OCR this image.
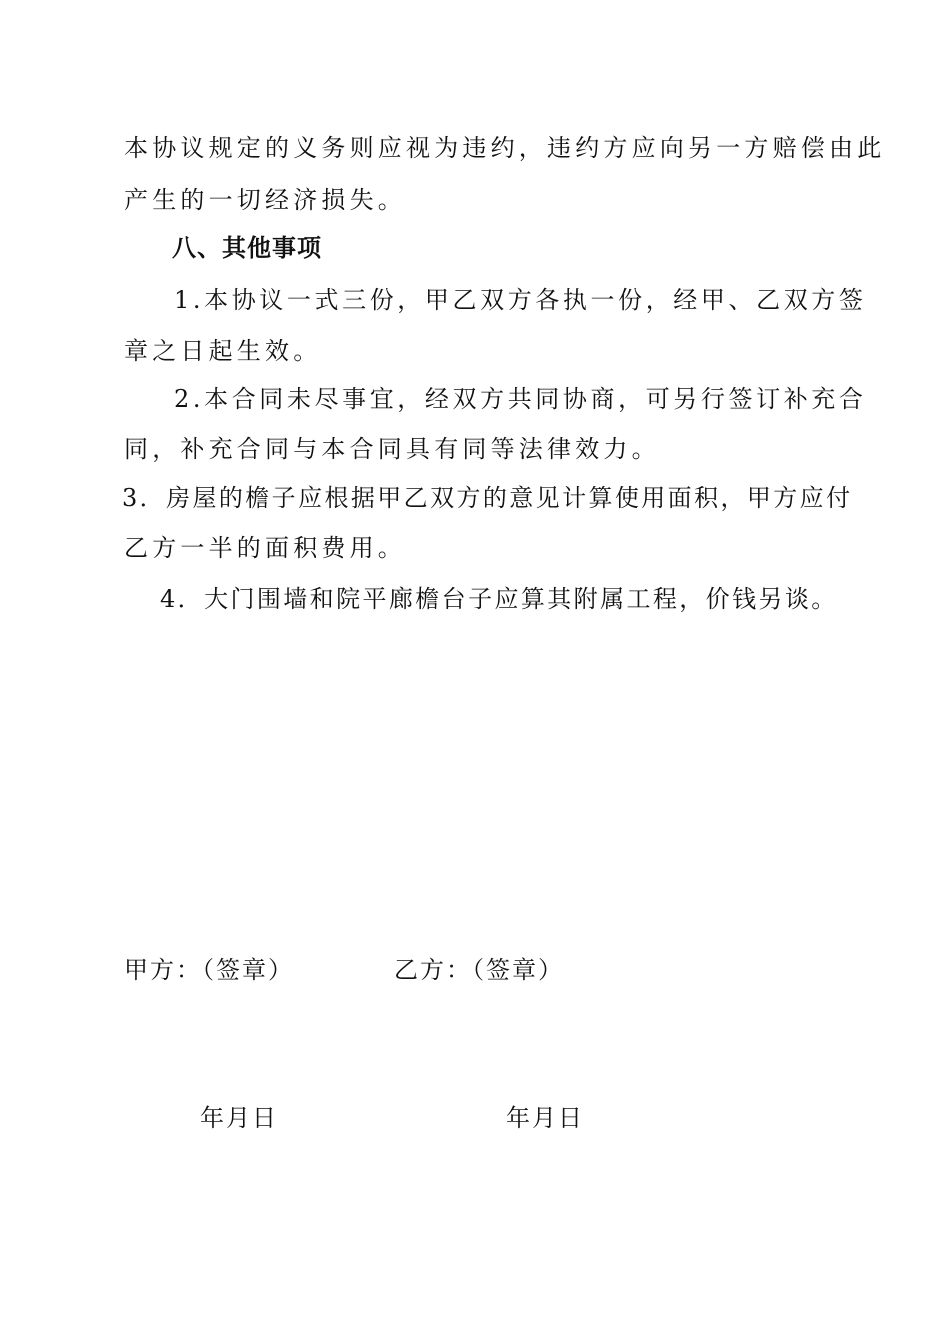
本协议规定的义务则应视为违约，违约方应向另一方赔偿由此
产生的一切经济损失。
八、其他事项
1.本协议一式三份，甲乙双方各执一份，经甲、乙双方签
章之日起生效。
2.本合同未尽事宜，经双方共同协商，可另行签订补充合
同，补充合同与本合同具有同等法律效力。
3．房屋的檐子应根据甲乙双方的意见计算使用面积，甲方应付
乙方一半的面积费用。
4．大门围墙和院平廊檐台子应算其附属工程，价钱另谈。
甲方：（签章）	乙方：（签章）
年月日	年月日
